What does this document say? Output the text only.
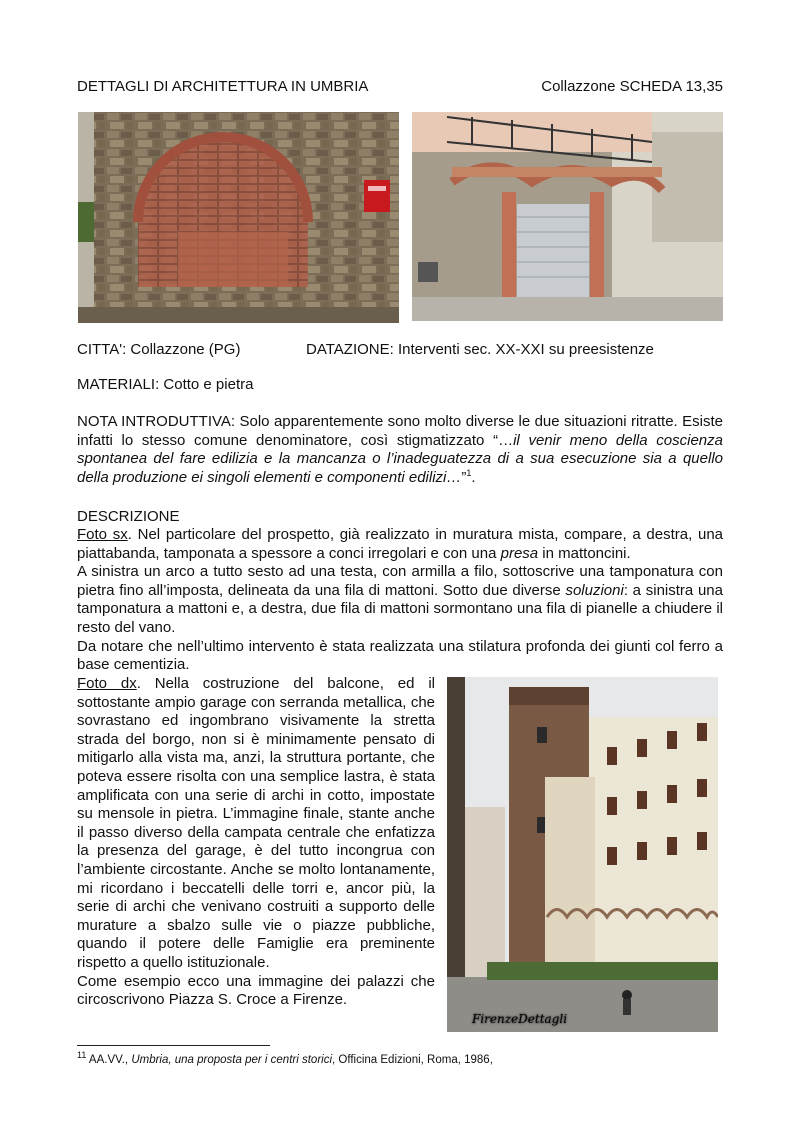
DETTAGLI DI ARCHITETTURA IN UMBRIA	Collazzone SCHEDA 13,35
CITTA': Collazzone (PG)	DATAZIONE: Interventi sec. XX-XXI su preesistenze
MATERIALI: Cotto e pietra

NOTA INTRODUTTIVA: Solo apparentemente sono molto diverse le due situazioni ritratte. Esiste infatti lo stesso comune denominatore, così stigmatizzato “…il venir meno della coscienza spontanea del fare edilizia e la mancanza o l’inadeguatezza di a sua esecuzione sia a quello della produzione ei singoli elementi e componenti edilizi…”$^1$.

DESCRIZIONE

Foto sx. Nel particolare del prospetto, già realizzato in muratura mista, compare, a destra, una piattabanda, tamponata a spessore a conci irregolari e con una presa in mattoncini.

A sinistra un arco a tutto sesto ad una testa, con armilla a filo, sottoscrive una tamponatura con pietra fino all’imposta, delineata da una fila di mattoni. Sotto due diverse soluzioni: a sinistra una tamponatura a mattoni e, a destra, due fila di mattoni sormontano una fila di pianelle a chiudere il resto del vano.

Da notare che nell’ultimo intervento è stata realizzata una stilatura profonda dei giunti col ferro a base cementizia.

Foto dx. Nella costruzione del balcone, ed il sottostante ampio garage con serranda metallica, che sovrastano ed ingombrano visivamente la stretta strada del borgo, non si è minimamente pensato di mitigarlo alla vista ma, anzi, la struttura portante, che poteva essere risolta con una semplice lastra, è stata amplificata con una serie di archi in cotto, impostate su mensole in pietra. L’immagine finale, stante anche il passo diverso della campata centrale che enfatizza la presenza del garage, è del tutto incongrua con l’ambiente circostante. Anche se molto lontanamente, mi ricordano i beccatelli delle torri e, ancor più, la serie di archi che venivano costruiti a supporto delle murature a sbalzo sulle vie o piazze pubbliche, quando il potere delle Famiglie era preminente rispetto a quello istituzionale.

Come esempio ecco una immagine dei palazzi che circoscrivono Piazza S. Croce a Firenze.

FirenzeDettagli
$^{11}$ AA.VV., Umbria, una proposta per i centri storici, Officina Edizioni, Roma, 1986,
